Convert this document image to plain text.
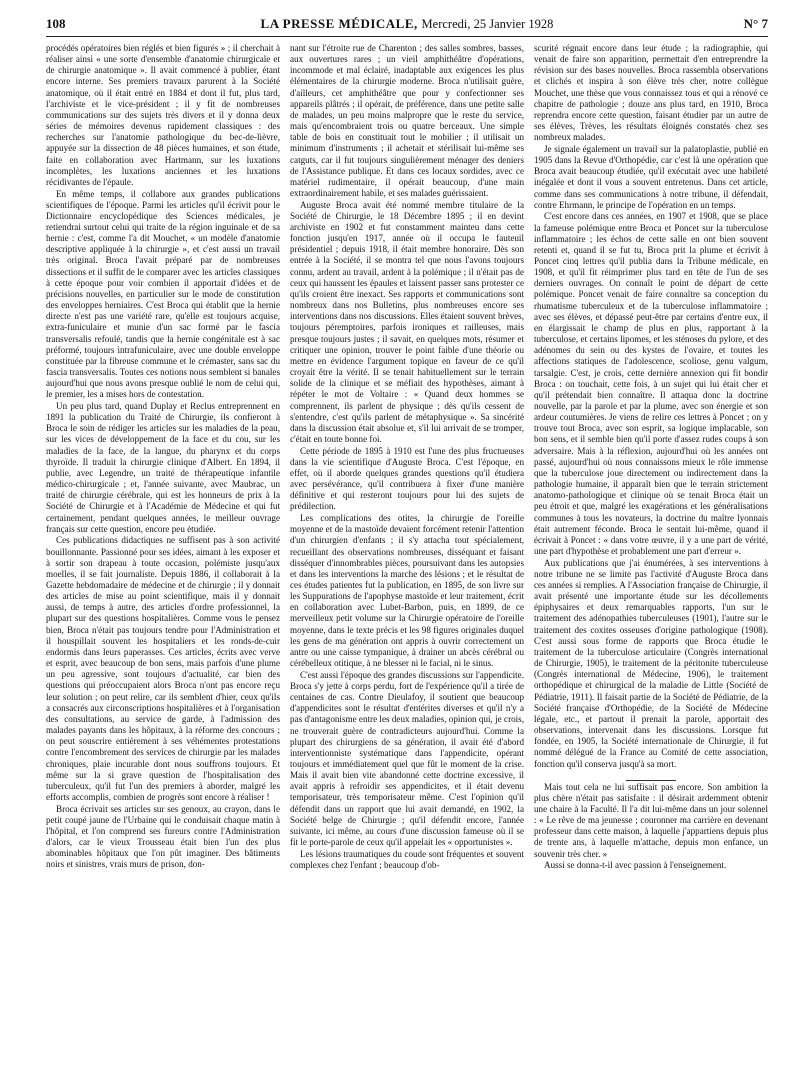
108	LA PRESSE MÉDICALE, Mercredi, 25 Janvier 1928	N° 7

procédés opératoires bien réglés et bien figurés » ; il cherchait à réaliser ainsi « une sorte d'ensemble d'anatomie chirurgicale et de chirurgie anatomique ». Il avait commencé à publier, étant encore interne. Ses premiers travaux parurent à la Société anatomique, où il était entré en 1884 et dont il fut, plus tard, l'archiviste et le vice-président ; il y fit de nombreuses communications sur des sujets très divers et il y donna deux séries de mémoires devenus rapidement classiques : des recherches sur l'anatomie pathologique du bec-de-lièvre, appuyée sur la dissection de 48 pièces humaines, et son étude, faite en collaboration avec Hartmann, sur les luxations incomplètes, les luxations anciennes et les luxations récidivantes de l'épaule.

En même temps, il collabore aux grandes publications scientifiques de l'époque. Parmi les articles qu'il écrivit pour le Dictionnaire encyclopédique des Sciences médicales, je retiendrai surtout celui qui traite de la région inguinale et de sa hernie : c'est, comme l'a dit Mouchet, « un modèle d'anatomie descriptive appliquée à la chirurgie », et c'est aussi un travail très original. Broca l'avait préparé par de nombreuses dissections et il suffit de le comparer avec les articles classiques à cette époque pour voir combien il apportait d'idées et de précisions nouvelles, en particulier sur le mode de constitution des enveloppes herniaires. C'est Broca qui établit que la hernie directe n'est pas une variété rare, qu'elle est toujours acquise, extra-funiculaire et munie d'un sac formé par le fascia transversalis refoulé, tandis que la hernie congénitale est à sac préformé, toujours intrafuniculaire, avec une double enveloppe constituée par la fibreuse commune et le crémaster, sans sac du fascia transversalis. Toutes ces notions nous semblent si banales aujourd'hui que nous avons presque oublié le nom de celui qui, le premier, les a mises hors de contestation.

Un peu plus tard, quand Duplay et Reclus entreprennent en 1891 la publication du Traité de Chirurgie, ils confieront à Broca le soin de rédiger les articles sur les maladies de la peau, sur les vices de développement de la face et du cou, sur les maladies de la face, de la langue, du pharynx et du corps thyroïde. Il traduit la chirurgie clinique d'Albert. En 1894, il publie, avec Legendre, un traité de thérapeutique infantile médico-chirurgicale ; et, l'année suivante, avec Maubrac, un traité de chirurgie cérébrale, qui est les honneurs de prix à la Société de Chirurgie et à l'Académie de Médecine et qui fut certainement, pendant quelques années, le meilleur ouvrage français sur cette question, encore peu étudiée.

Ces publications didactiques ne suffisent pas à son activité bouillonnante. Passionné pour ses idées, aimant à les exposer et à sortir son drapeau à toute occasion, polémiste jusqu'aux moelles, il se fait journaliste. Depuis 1886, il collaborait à la Gazette hebdomadaire de médecine et de chirurgie ; il y donnait des articles de mise au point scientifique, mais il y donnait aussi, de temps à autre, des articles d'ordre professionnel, la plupart sur des questions hospitalières. Comme vous le pensez bien, Broca n'était pas toujours tendre pour l'Administration et il houspillait souvent les hospitaliers et les ronds-de-cuir endormis dans leurs paperasses. Ces articles, écrits avec verve et esprit, avec beaucoup de bon sens, mais parfois d'une plume un peu agressive, sont toujours d'actualité, car bien des questions qui préoccupaient alors Broca n'ont pas encore reçu leur solution ; on peut relire, car ils semblent d'hier, ceux qu'ils a consacrés aux circonscriptions hospitalières et à l'organisation des consultations, au service de garde, à l'admission des malades payants dans les hôpitaux, à la réforme des concours ; on peut souscrire entièrement à ses véhémentes protestations contre l'encombrement des services de chirurgie par les malades chroniques, plaie incurable dont nous souffrons toujours. Et même sur la si grave question de l'hospitalisation des tuberculeux, qu'il fut l'un des premiers à aborder, malgré les efforts accomplis, combien de progrès sont encore à réaliser !

Broca écrivait ses articles sur ses genoux, au crayon, dans le petit coupé jaune de l'Urbaine qui le conduisait chaque matin à l'hôpital, et l'on comprend ses fureurs contre l'Administration d'alors, car le vieux Trousseau était bien l'un des plus abominables hôpitaux que l'on pût imaginer. Des bâtiments noirs et sinistres, vrais murs de prison, don-

nant sur l'étroite rue de Charenton ; des salles sombres, basses, aux ouvertures rares ; un vieil amphithéâtre d'opérations, incommode et mal éclairé, inadaptable aux exigences les plus élémentaires de la chirurgie moderne. Broca n'utilisait guère, d'ailleurs, cet amphithéâtre que pour y confectionner ses appareils plâtrés ; il opérait, de préférence, dans une petite salle de malades, un peu moins malpropre que le reste du service, mais qu'encombraient trois ou quatre berceaux. Une simple table de bois en constituait tout le mobilier ; il utilisait un minimum d'instruments ; il achetait et stérilisait lui-même ses catguts, car il fut toujours singulièrement ménager des deniers de l'Assistance publique. Et dans ces locaux sordides, avec ce matériel rudimentaire, il opérait beaucoup, d'une main extraordinairement habile, et ses malades guérissaient.

Auguste Broca avait été nommé membre titulaire de la Société de Chirurgie, le 18 Décembre 1895 ; il en devint archiviste en 1902 et fut constamment mainteu dans cette fonction jusqu'en 1917, année où il occupa le fauteuil présidentiel ; depuis 1918, il était membre honoraire. Dès son entrée à la Société, il se montra tel que nous l'avons toujours connu, ardent au travail, ardent à la polémique ; il n'était pas de ceux qui haussent les épaules et laissent passer sans protester ce qu'ils croient être inexact. Ses rapports et communications sont nombreux dans nos Bulletins, plus nombreuses encore ses interventions dans nos discussions. Elles étaient souvent brèves, toujours péremptoires, parfois ironiques et railleuses, mais presque toujours justes ; il savait, en quelques mots, résumer et critiquer une opinion, trouver le point faible d'une théorie ou mettre en évidence l'argument topique en faveur de ce qu'il croyait être la vérité. Il se tenait habituellement sur le terrain solide de la clinique et se méfiait des hypothèses, aimant à répéter le mot de Voltaire : « Quand deux hommes se comprennent, ils parlent de physique ; dès qu'ils cessent de s'entendre, c'est qu'ils parlent de métaphysique ». Sa sincérité dans la discussion était absolue et, s'il lui arrivait de se tromper, c'était en toute bonne foi.

Cette période de 1895 à 1910 est l'une des plus fructueuses dans la vie scientifique d'Auguste Broca. C'est l'époque, en effet, où il aborde quelques grandes questions qu'il étudiera avec persévérance, qu'il contribuera à fixer d'une manière définitive et qui resteront toujours pour lui des sujets de prédilection.

Les complications des otites, la chirurgie de l'oreille moyenne et de la mastoïde devaient forcément retenir l'attention d'un chirurgien d'enfants ; il s'y attacha tout spécialement, recueillant des observations nombreuses, disséquant et faisant disséquer d'innombrables pièces, poursuivant dans les autopsies et dans les interventions la marche des lésions ; et le résultat de ces études patientes fut la publication, en 1895, de son livre sur les Suppurations de l'apophyse mastoïde et leur traitement, écrit en collaboration avec Lubet-Barbon, puis, en 1899, de ce merveilleux petit volume sur la Chirurgie opératoire de l'oreille moyenne, dans le texte précis et les 98 figures originales duquel les gens de ma génération ont appris à ouvrir correctement un antre ou une caisse tympanique, à drainer un abcès cérébral ou cérébelleux otitique, à ne blesser ni le facial, ni le sinus.

C'est aussi l'époque des grandes discussions sur l'appendicite. Broca s'y jette à corps perdu, fort de l'expérience qu'il a tirée de centaines de cas. Contre Dieulafoy, il soutient que beaucoup d'appendicites sont le résultat d'entérites diverses et qu'il n'y a pas d'antagonisme entre les deux maladies, opinion qui, je crois, ne trouverait guère de contradicteurs aujourd'hui. Comme la plupart des chirurgiens de sa génération, il avait été d'abord interventionniste systématique dans l'appendicite, opérant toujours et immédiatement quel que fût le moment de la crise. Mais il avait bien vite abandonné cette doctrine excessive, il avait appris à refroidir ses appendicites, et il était devenu temporisateur, très temporisateur même. C'est l'opinion qu'il défendit dans un rapport que lui avait demandé, en 1902, la Société belge de Chirurgie ; qu'il défendit encore, l'année suivante, ici même, au cours d'une discussion fameuse où il se fit le porte-parole de ceux qu'il appelait les « opportunistes ».

Les lésions traumatiques du coude sont fréquentes et souvent complexes chez l'enfant ; beaucoup d'ob-

scurité régnait encore dans leur étude ; la radiographie, qui venait de faire son apparition, permettait d'en entreprendre la révision sur des bases nouvelles. Broca rassembla observations et clichés et inspira à son élève très cher, notre collègue Mouchet, une thèse que vous connaissez tous et qui a rénové ce chapitre de pathologie ; douze ans plus tard, en 1910, Broca reprendra encore cette question, faisant étudier par un autre de ses élèves, Trèves, les résultats éloignés constatés chez ses nombreux malades.

Je signale également un travail sur la palatoplastie, publié en 1905 dans la Revue d'Orthopédie, car c'est là une opération que Broca avait beaucoup étudiée, qu'il exécutait avec une habileté inégalée et dont il vous a souvent entretenus. Dans cet article, comme dans ses communications à notre tribune, il défendait, contre Ehrmann, le principe de l'opération en un temps.

C'est encore dans ces années, en 1907 et 1908, que se place la fameuse polémique entre Broca et Poncet sur la tuberculose inflammatoire ; les échos de cette salle en ont bien souvent retenti et, quand il se fut tu, Broca prit la plume et écrivit à Poncet cinq lettres qu'il publia dans la Tribune médicale, en 1908, et qu'il fit réimprimer plus tard en tête de l'un de ses derniers ouvrages. On connaît le point de départ de cette polémique. Poncet venait de faire connaître sa conception du rhumatisme tuberculeux et de la tuberculose inflammatoire ; avec ses élèves, et dépassé peut-être par certains d'entre eux, il en élargissait le champ de plus en plus, rapportant à la tuberculose, et certains lipomes, et les sténoses du pylore, et des adénomes du sein ou des kystes de l'ovaire, et toutes les affections statiques de l'adolescence, scoliose, genu valgum, tarsalgie. C'est, je crois, cette dernière annexion qui fit bondir Broca : on touchait, cette fois, à un sujet qui lui était cher et qu'il prétendait bien connaître. Il attaqua donc la doctrine nouvelle, par la parole et par la plume, avec son énergie et son ardeur coutumières. Je viens de relire ces lettres à Poncet ; on y trouve tout Broca, avec son esprit, sa logique implacable, son bon sens, et il semble bien qu'il porte d'assez rudes coups à son adversaire. Mais à la réflexion, aujourd'hui où les années ont passé, aujourd'hui où nous connaissons mieux le rôle immense que la tuberculose joue directement ou indirectement dans la pathologie humaine, il apparaît bien que le terrain strictement anatomo-pathologique et clinique où se tenait Broca était un peu étroit et que, malgré les exagérations et les généralisations communes à tous les novateurs, la doctrine du maître lyonnais était autrement féconde. Broca le sentait lui-même, quand il écrivait à Poncet : « dans votre œuvre, il y a une part de vérité, une part d'hypothèse et probablement une part d'erreur ».

Aux publications que j'ai énumérées, à ses interventions à notre tribune ne se limite pas l'activité d'Auguste Broca dans ces années si remplies. A l'Association française de Chirurgie, il avait présenté une importante étude sur les décollements épiphysaires et deux remarquables rapports, l'un sur le traitement des adénopathies tuberculeuses (1901), l'autre sur le traitement des coxites osseuses d'origine pathologique (1908). C'est aussi sous forme de rapports que Broca étudie le traitement de la tuberculose articulaire (Congrès international de Chirurgie, 1905), le traitement de la péritonite tuberculeuse (Congrès international de Médecine, 1906), le traitement orthopédique et chirurgical de la maladie de Little (Société de Pédiatrie, 1911). Il faisait partie de la Société de Pédiatrie, de la Société française d'Orthopédie, de la Société de Médecine légale, etc., et partout il prenait la parole, apportait des observations, intervenait dans les discussions. Lorsque fut fondée, en 1905, la Société internationale de Chirurgie, il fut nommé délégué de la France au Comité de cette association, fonction qu'il conserva jusqu'à sa mort.

Mais tout cela ne lui suffisait pas encore. Son ambition la plus chère n'était pas satisfaite : il désirait ardemment obtenir une chaire à la Faculté. Il l'a dit lui-même dans un jour solennel : « Le rêve de ma jeunesse ; couronner ma carrière en devenant professeur dans cette maison, à laquelle j'appartiens depuis plus de trente ans, à laquelle m'attache, depuis mon enfance, un souvenir très cher. »

Aussi se donna-t-il avec passion à l'enseignement.
